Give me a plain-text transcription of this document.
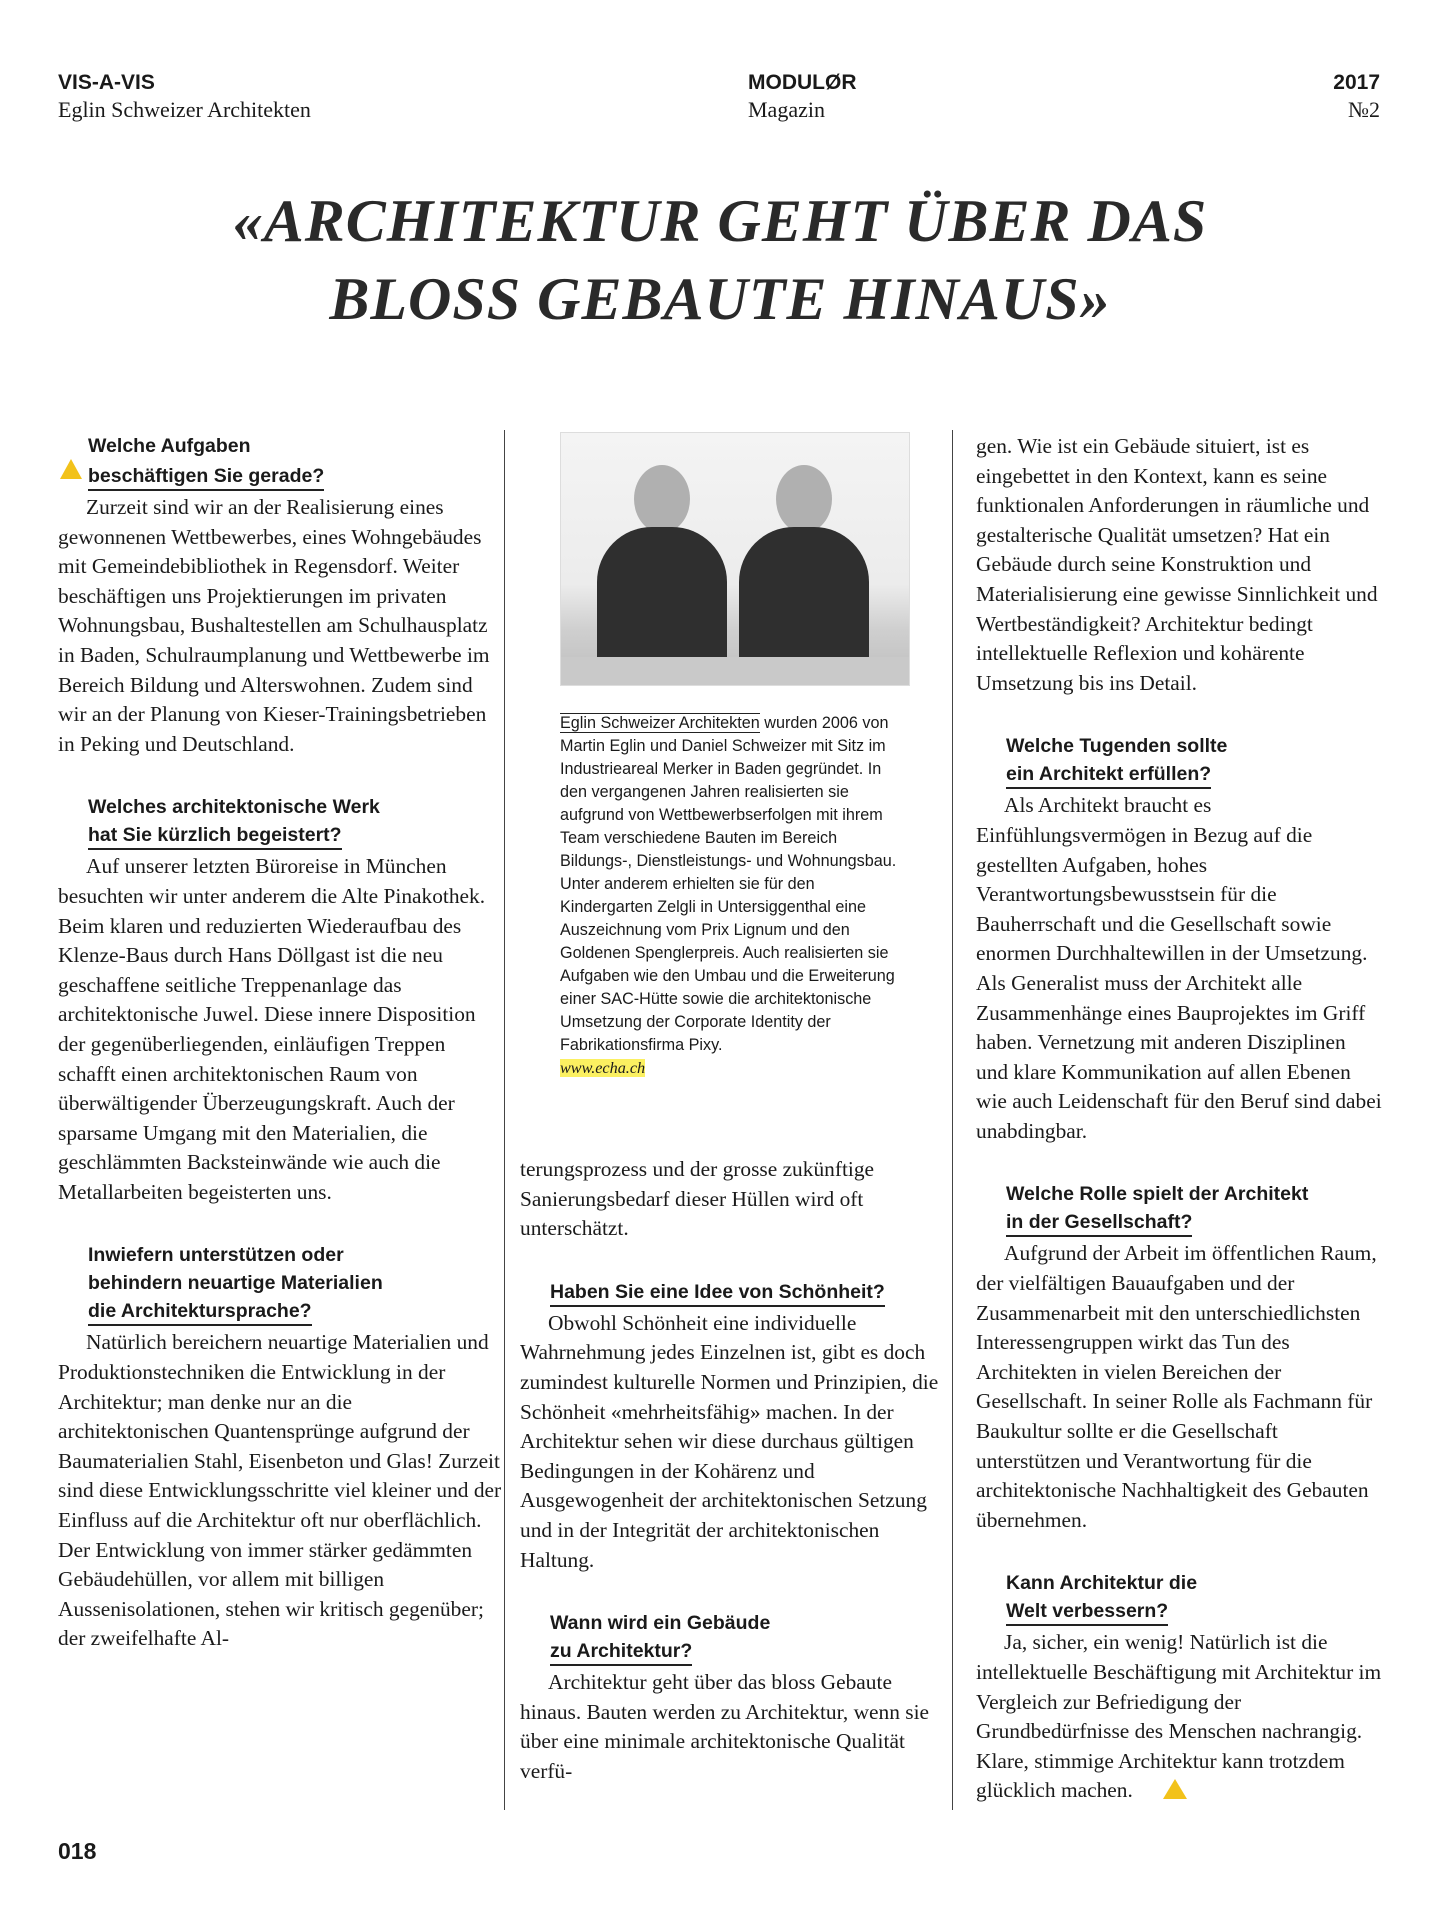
VIS-A-VIS
Eglin Schweizer Architekten
MODULØR
Magazin
2017
№2
«ARCHITEKTUR GEHT ÜBER DAS
BLOSS GEBAUTE HINAUS»
Welche Aufgaben
beschäftigen Sie gerade?

Zurzeit sind wir an der Realisierung eines gewonnenen Wettbewerbes, eines Wohngebäudes mit Gemeindebibliothek in Regensdorf. Weiter beschäftigen uns Projektierungen im privaten Wohnungsbau, Bushaltestellen am Schulhausplatz in Baden, Schulraumplanung und Wettbewerbe im Bereich Bildung und Alterswohnen. Zudem sind wir an der Planung von Kieser-Trainingsbetrieben in Peking und Deutschland.

Welches architektonische Werk
hat Sie kürzlich begeistert?

Auf unserer letzten Büroreise in München besuchten wir unter anderem die Alte Pinakothek. Beim klaren und reduzierten Wiederaufbau des Klenze-Baus durch Hans Döllgast ist die neu geschaffene seitliche Treppenanlage das architektonische Juwel. Diese innere Disposition der gegenüberliegenden, einläufigen Treppen schafft einen architektonischen Raum von überwältigender Überzeugungskraft. Auch der sparsame Umgang mit den Materialien, die geschlämmten Backsteinwände wie auch die Metallarbeiten begeisterten uns.

Inwiefern unterstützen oder
behindern neuartige Materialien
die Architektursprache?

Natürlich bereichern neuartige Materialien und Produktionstechniken die Entwicklung in der Architektur; man denke nur an die architektonischen Quantensprünge aufgrund der Baumaterialien Stahl, Eisenbeton und Glas! Zurzeit sind diese Entwicklungsschritte viel kleiner und der Einfluss auf die Architektur oft nur oberflächlich. Der Entwicklung von immer stärker gedämmten Gebäudehüllen, vor allem mit billigen Aussenisolationen, stehen wir kritisch gegenüber; der zweifelhafte Al-

Eglin Schweizer Architekten wurden 2006 von Martin Eglin und Daniel Schweizer mit Sitz im Industrieareal Merker in Baden gegründet. In den vergangenen Jahren realisierten sie aufgrund von Wettbewerbserfolgen mit ihrem Team verschiedene Bauten im Bereich Bildungs-, Dienstleistungs- und Wohnungsbau. Unter anderem erhielten sie für den Kindergarten Zelgli in Untersiggenthal eine Auszeichnung vom Prix Lignum und den Goldenen Spenglerpreis. Auch realisierten sie Aufgaben wie den Umbau und die Erweiterung einer SAC-Hütte sowie die architektonische Umsetzung der Corporate Identity der Fabrikationsfirma Pixy.
www.echa.ch

terungsprozess und der grosse zukünftige Sanierungsbedarf dieser Hüllen wird oft unterschätzt.

Haben Sie eine Idee von Schönheit?

Obwohl Schönheit eine individuelle Wahrnehmung jedes Einzelnen ist, gibt es doch zumindest kulturelle Normen und Prinzipien, die Schönheit «mehrheitsfähig» machen. In der Architektur sehen wir diese durchaus gültigen Bedingungen in der Kohärenz und Ausgewogenheit der architektonischen Setzung und in der Integrität der architektonischen Haltung.

Wann wird ein Gebäude
zu Architektur?

Architektur geht über das bloss Gebaute hinaus. Bauten werden zu Architektur, wenn sie über eine minimale architektonische Qualität verfü-

gen. Wie ist ein Gebäude situiert, ist es eingebettet in den Kontext, kann es seine funktionalen Anforderungen in räumliche und gestalterische Qualität umsetzen? Hat ein Gebäude durch seine Konstruktion und Materialisierung eine gewisse Sinnlichkeit und Wertbeständigkeit? Architektur bedingt intellektuelle Reflexion und kohärente Umsetzung bis ins Detail.

Welche Tugenden sollte
ein Architekt erfüllen?

Als Architekt braucht es Einfühlungsvermögen in Bezug auf die gestellten Aufgaben, hohes Verantwortungsbewusstsein für die Bauherrschaft und die Gesellschaft sowie enormen Durchhaltewillen in der Umsetzung. Als Generalist muss der Architekt alle Zusammenhänge eines Bauprojektes im Griff haben. Vernetzung mit anderen Disziplinen und klare Kommunikation auf allen Ebenen wie auch Leidenschaft für den Beruf sind dabei unabdingbar.

Welche Rolle spielt der Architekt
in der Gesellschaft?

Aufgrund der Arbeit im öffentlichen Raum, der vielfältigen Bauaufgaben und der Zusammenarbeit mit den unterschiedlichsten Interessengruppen wirkt das Tun des Architekten in vielen Bereichen der Gesellschaft. In seiner Rolle als Fachmann für Baukultur sollte er die Gesellschaft unterstützen und Verantwortung für die architektonische Nachhaltigkeit des Gebauten übernehmen.

Kann Architektur die
Welt verbessern?

Ja, sicher, ein wenig! Natürlich ist die intellektuelle Beschäftigung mit Architektur im Vergleich zur Befriedigung der Grundbedürfnisse des Menschen nachrangig. Klare, stimmige Architektur kann trotzdem glücklich machen.

018
